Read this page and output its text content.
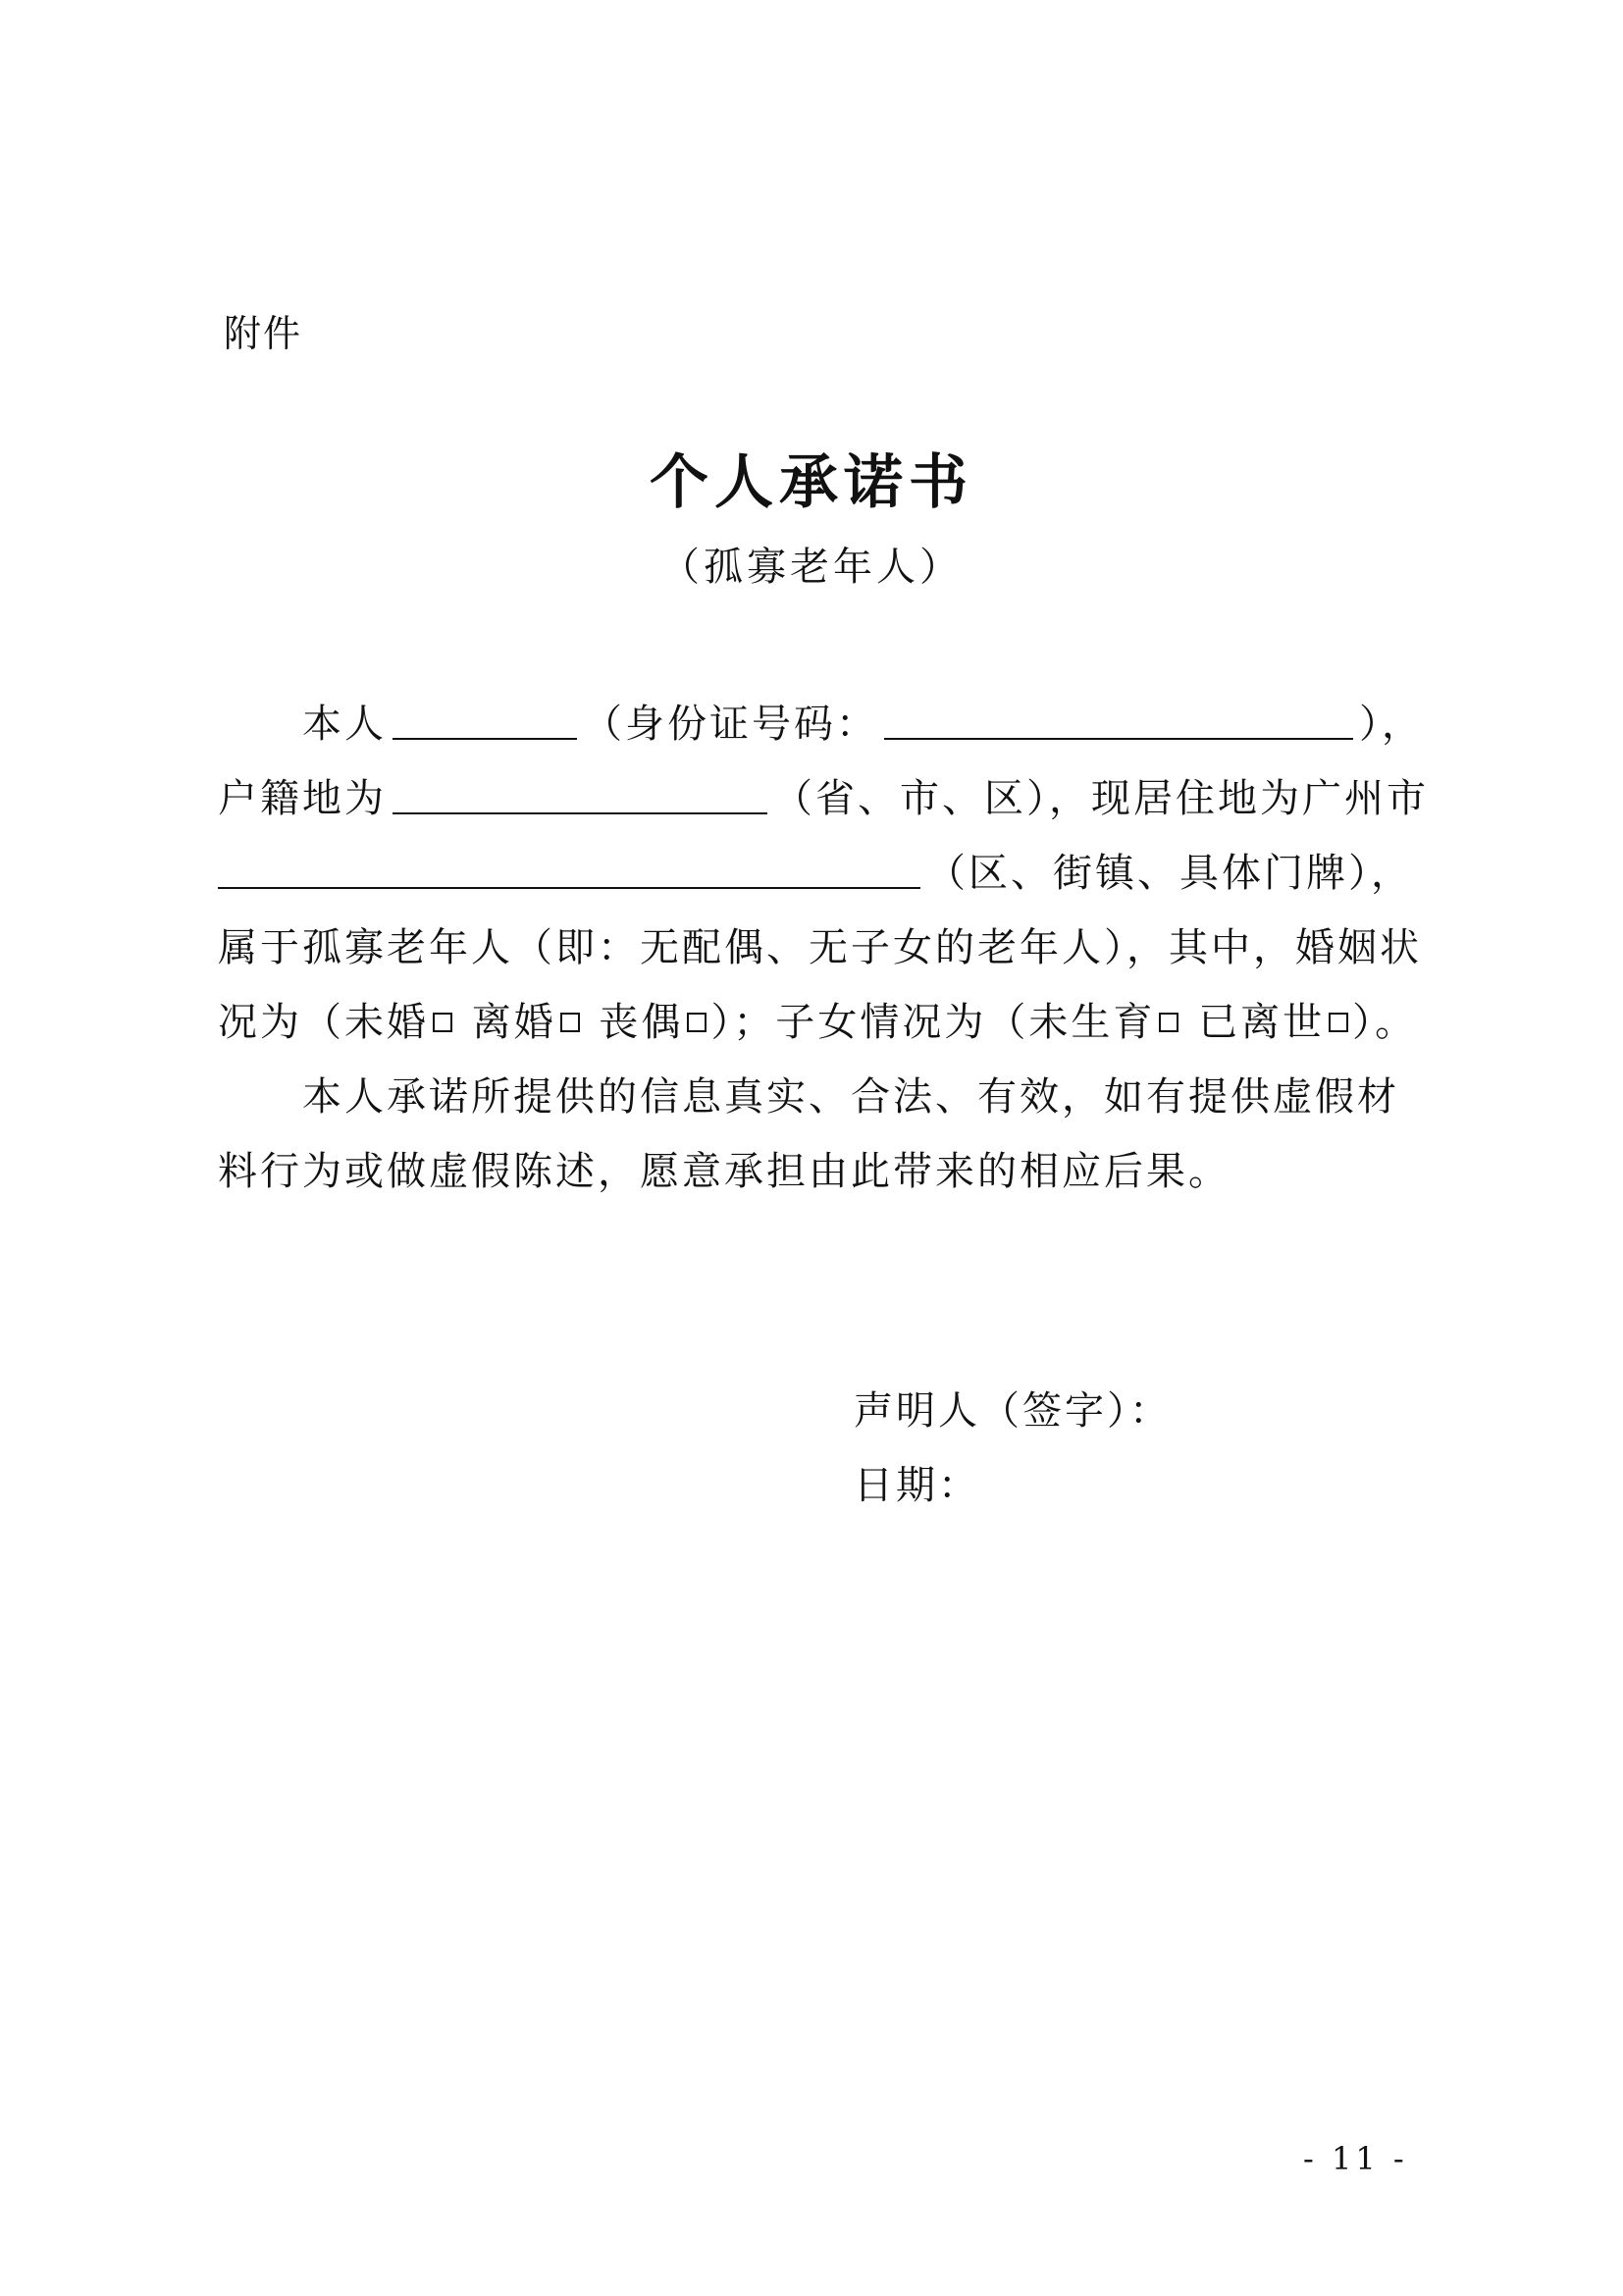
附件
个人承诺书
（孤寡老年人）
本人	（身份证号码：	），
户籍地为	（省、市、区），现居住地为广州市
（区、街镇、具体门牌），
属于孤寡老年人（即：无配偶、无子女的老年人），其中，婚姻状
况为（未婚 离婚 丧偶 ）；子女情况为（未生育 已离世 ）。
本人承诺所提供的信息真实、合法、有效，如有提供虚假材
料行为或做虚假陈述，愿意承担由此带来的相应后果。
声明人（签字）：
日期：
- 11 -
